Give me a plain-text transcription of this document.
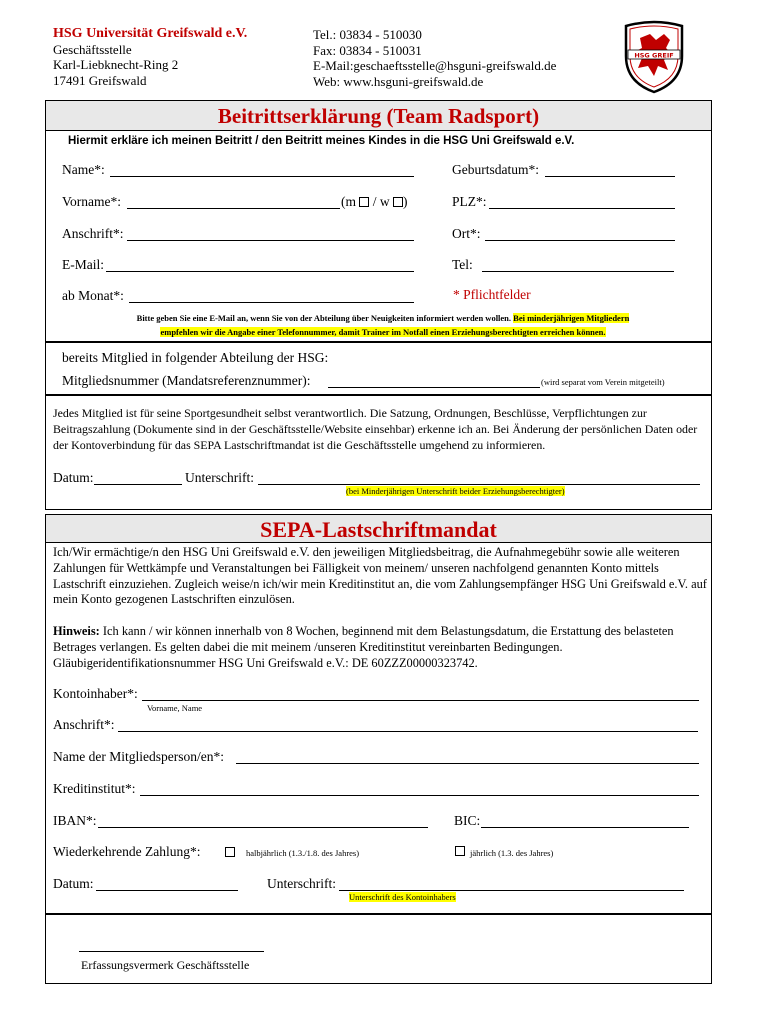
HSG Universität Greifswald e.V.
Geschäftsstelle
Karl-Liebknecht-Ring 2
17491 Greifswald
Tel.: 03834 - 510030
Fax: 03834 - 510031
E-Mail:geschaeftsstelle@hsguni-greifswald.de
Web: www.hsguni-greifswald.de
HSG GREIF
Beitrittserklärung (Team Radsport)
Hiermit erkläre ich meinen Beitritt / den Beitritt meines Kindes in die HSG Uni Greifswald e.V.
Name*:	Geburtsdatum*:
Vorname*:	(m / w )	PLZ*:
Anschrift*:	Ort*:
E-Mail:	Tel:
ab Monat*:	* Pflichtfelder
Bitte geben Sie eine E-Mail an, wenn Sie von der Abteilung über Neuigkeiten informiert werden wollen. Bei minderjährigen Mitgliedern
empfehlen wir die Angabe einer Telefonnummer, damit Trainer im Notfall einen Erziehungsberechtigten erreichen können.
bereits Mitglied in folgender Abteilung der HSG:
Mitgliedsnummer (Mandatsreferenznummer):	(wird separat vom Verein mitgeteilt)
Jedes Mitglied ist für seine Sportgesundheit selbst verantwortlich. Die Satzung, Ordnungen, Beschlüsse, Verpflichtungen zur Beitragszahlung (Dokumente sind in der Geschäftsstelle/Website einsehbar) erkenne ich an. Bei Änderung der persönlichen Daten oder der Kontoverbindung für das SEPA Lastschriftmandat ist die Geschäftsstelle umgehend zu informieren.
Datum:	Unterschrift:
(bei Minderjährigen Unterschrift beider Erziehungsberechtigter)
SEPA-Lastschriftmandat
Ich/Wir ermächtige/n den HSG Uni Greifswald e.V. den jeweiligen Mitgliedsbeitrag, die Aufnahmegebühr sowie alle weiteren Zahlungen für Wettkämpfe und Veranstaltungen bei Fälligkeit von meinem/ unseren nachfolgend genannten Konto mittels Lastschrift einzuziehen. Zugleich weise/n ich/wir mein Kreditinstitut an, die vom Zahlungsempfänger HSG Uni Greifswald e.V. auf mein Konto gezogenen Lastschriften einzulösen.
Hinweis: Ich kann / wir können innerhalb von 8 Wochen, beginnend mit dem Belastungsdatum, die Erstattung des belasteten Betrages verlangen. Es gelten dabei die mit meinem /unseren Kreditinstitut vereinbarten Bedingungen. Gläubigeridentifikationsnummer HSG Uni Greifswald e.V.: DE 60ZZZ00000323742.
Kontoinhaber*:
Vorname, Name
Anschrift*:
Name der Mitgliedsperson/en*:
Kreditinstitut*:
IBAN*:	BIC:
Wiederkehrende Zahlung*:	halbjährlich (1.3./1.8. des Jahres)	jährlich (1.3. des Jahres)
Datum:	Unterschrift:
Unterschrift des Kontoinhabers
Erfassungsvermerk Geschäftsstelle
